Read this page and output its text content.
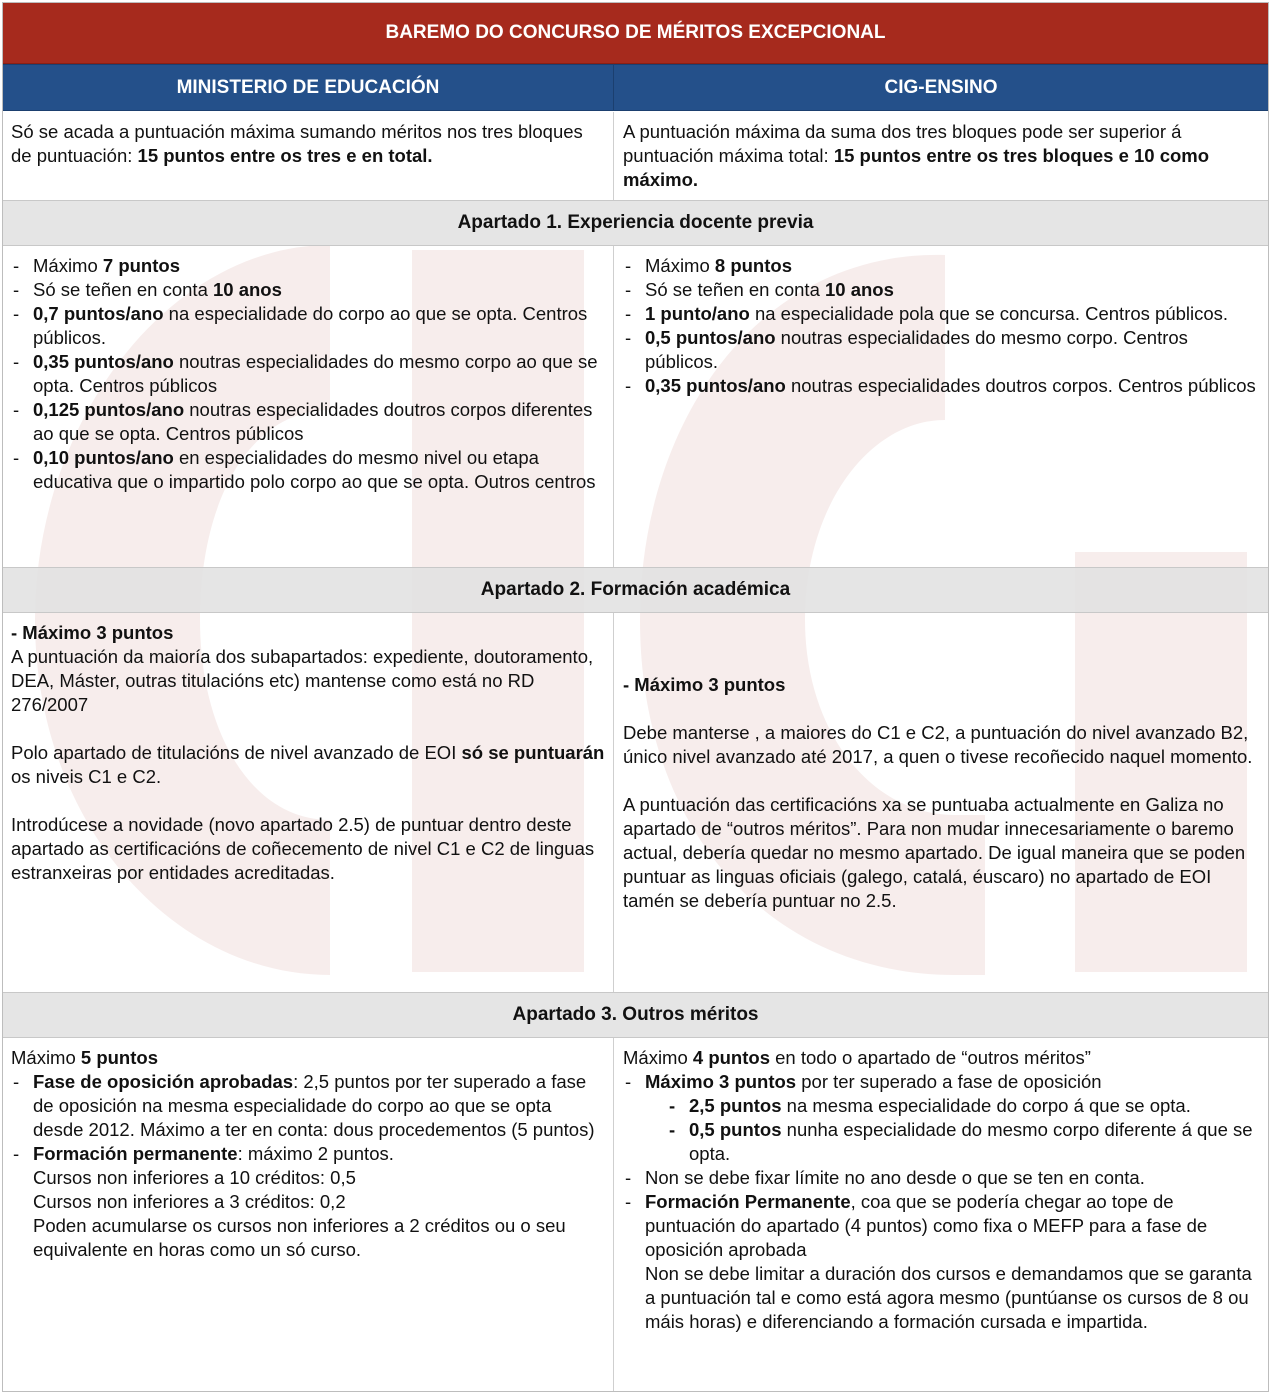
BAREMO DO CONCURSO DE MÉRITOS EXCEPCIONAL
MINISTERIO DE EDUCACIÓN	CIG-ENSINO
Só se acada a puntuación máxima sumando méritos nos tres bloques de puntuación: 15 puntos entre os tres e en total.
A puntuación máxima da suma dos tres bloques pode ser superior á puntuación máxima total: 15 puntos entre os tres bloques e 10 como máximo.
Apartado 1. Experiencia docente previa
- Máximo 7 puntos
- Só se teñen en conta 10 anos
- 0,7 puntos/ano na especialidade do corpo ao que se opta. Centros públicos.
- 0,35 puntos/ano noutras especialidades do mesmo corpo ao que se opta. Centros públicos
- 0,125 puntos/ano noutras especialidades doutros corpos diferentes ao que se opta. Centros públicos
- 0,10 puntos/ano en especialidades do mesmo nivel ou etapa educativa que o impartido polo corpo ao que se opta. Outros centros
- Máximo 8 puntos
- Só se teñen en conta 10 anos
- 1 punto/ano na especialidade pola que se concursa. Centros públicos.
- 0,5 puntos/ano noutras especialidades do mesmo corpo. Centros públicos.
- 0,35 puntos/ano noutras especialidades doutros corpos. Centros públicos
Apartado 2. Formación académica

- Máximo 3 puntos

A puntuación da maioría dos subapartados: expediente, doutoramento, DEA, Máster, outras titulacións etc) mantense como está no RD 276/2007

Polo apartado de titulacións de nivel avanzado de EOI só se puntuarán os niveis C1 e C2.

Introdúcese a novidade (novo apartado 2.5) de puntuar dentro deste apartado as certificacións de coñecemento de nivel C1 e C2 de linguas estranxeiras por entidades acreditadas.

- Máximo 3 puntos

Debe manterse , a maiores do C1 e C2, a puntuación do nivel avanzado B2, único nivel avanzado até 2017, a quen o tivese recoñecido naquel momento.

A puntuación das certificacións xa se puntuaba actualmente en Galiza no apartado de “outros méritos”. Para non mudar innecesariamente o baremo actual, debería quedar no mesmo apartado. De igual maneira que se poden puntuar as linguas oficiais (galego, catalá, éuscaro) no apartado de EOI tamén se debería puntuar no 2.5.

Apartado 3. Outros méritos

Máximo 5 puntos

- Fase de oposición aprobadas: 2,5 puntos por ter superado a fase de oposición na mesma especialidade do corpo ao que se opta desde 2012. Máximo a ter en conta: dous procedementos (5 puntos)
- Formación permanente: máximo 2 puntos.

Cursos non inferiores a 10 créditos: 0,5

Cursos non inferiores a 3 créditos: 0,2

Poden acumularse os cursos non inferiores a 2 créditos ou o seu equivalente en horas como un só curso.

Máximo 4 puntos en todo o apartado de “outros méritos”

- Máximo 3 puntos por ter superado a fase de oposición
- 2,5 puntos na mesma especialidade do corpo á que se opta.
- 0,5 puntos nunha especialidade do mesmo corpo diferente á que se opta.
- Non se debe fixar límite no ano desde o que se ten en conta.
- Formación Permanente, coa que se podería chegar ao tope de puntuación do apartado (4 puntos) como fixa o MEFP para a fase de oposición aprobada

Non se debe limitar a duración dos cursos e demandamos que se garanta a puntuación tal e como está agora mesmo (puntúanse os cursos de 8 ou máis horas) e diferenciando a formación cursada e impartida.
